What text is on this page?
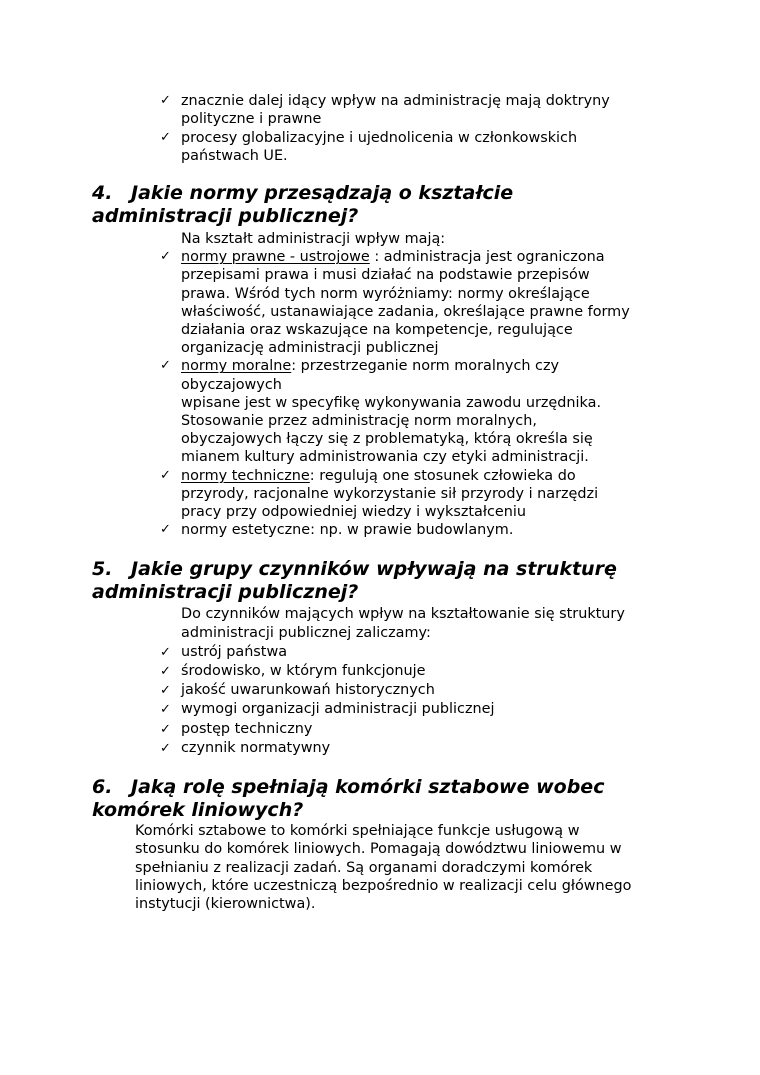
✓
znacznie dalej idący wpływ na administrację mają doktryny
polityczne i prawne
✓
procesy globalizacyjne i ujednolicenia w członkowskich
państwach UE.
4. Jakie normy przesądzają o kształcie
administracji publicznej?
Na kształt administracji wpływ mają:
✓
normy prawne - ustrojowe : administracja jest ograniczona
przepisami prawa i musi działać na podstawie przepisów
prawa. Wśród tych norm wyróżniamy: normy określające
właściwość, ustanawiające zadania, określające prawne formy
działania oraz wskazujące na kompetencje, regulujące
organizację administracji publicznej
✓
normy moralne: przestrzeganie norm moralnych czy
obyczajowych
wpisane jest w specyfikę wykonywania zawodu urzędnika.
Stosowanie przez administrację norm moralnych,
obyczajowych łączy się z problematyką, którą określa się
mianem kultury administrowania czy etyki administracji.
✓
normy techniczne: regulują one stosunek człowieka do
przyrody, racjonalne wykorzystanie sił przyrody i narzędzi
pracy przy odpowiedniej wiedzy i wykształceniu
✓
normy estetyczne: np. w prawie budowlanym.
5. Jakie grupy czynników wpływają na strukturę
administracji publicznej?
Do czynników mających wpływ na kształtowanie się struktury
administracji publicznej zaliczamy:
✓
ustrój państwa
✓
środowisko, w którym funkcjonuje
✓
jakość uwarunkowań historycznych
✓
wymogi organizacji administracji publicznej
✓
postęp techniczny
✓
czynnik normatywny
6. Jaką rolę spełniają komórki sztabowe wobec
komórek liniowych?
Komórki sztabowe to komórki spełniające funkcje usługową w
stosunku do komórek liniowych. Pomagają dowództwu liniowemu w
spełnianiu z realizacji zadań. Są organami doradczymi komórek
liniowych, które uczestniczą bezpośrednio w realizacji celu głównego
instytucji (kierownictwa).
